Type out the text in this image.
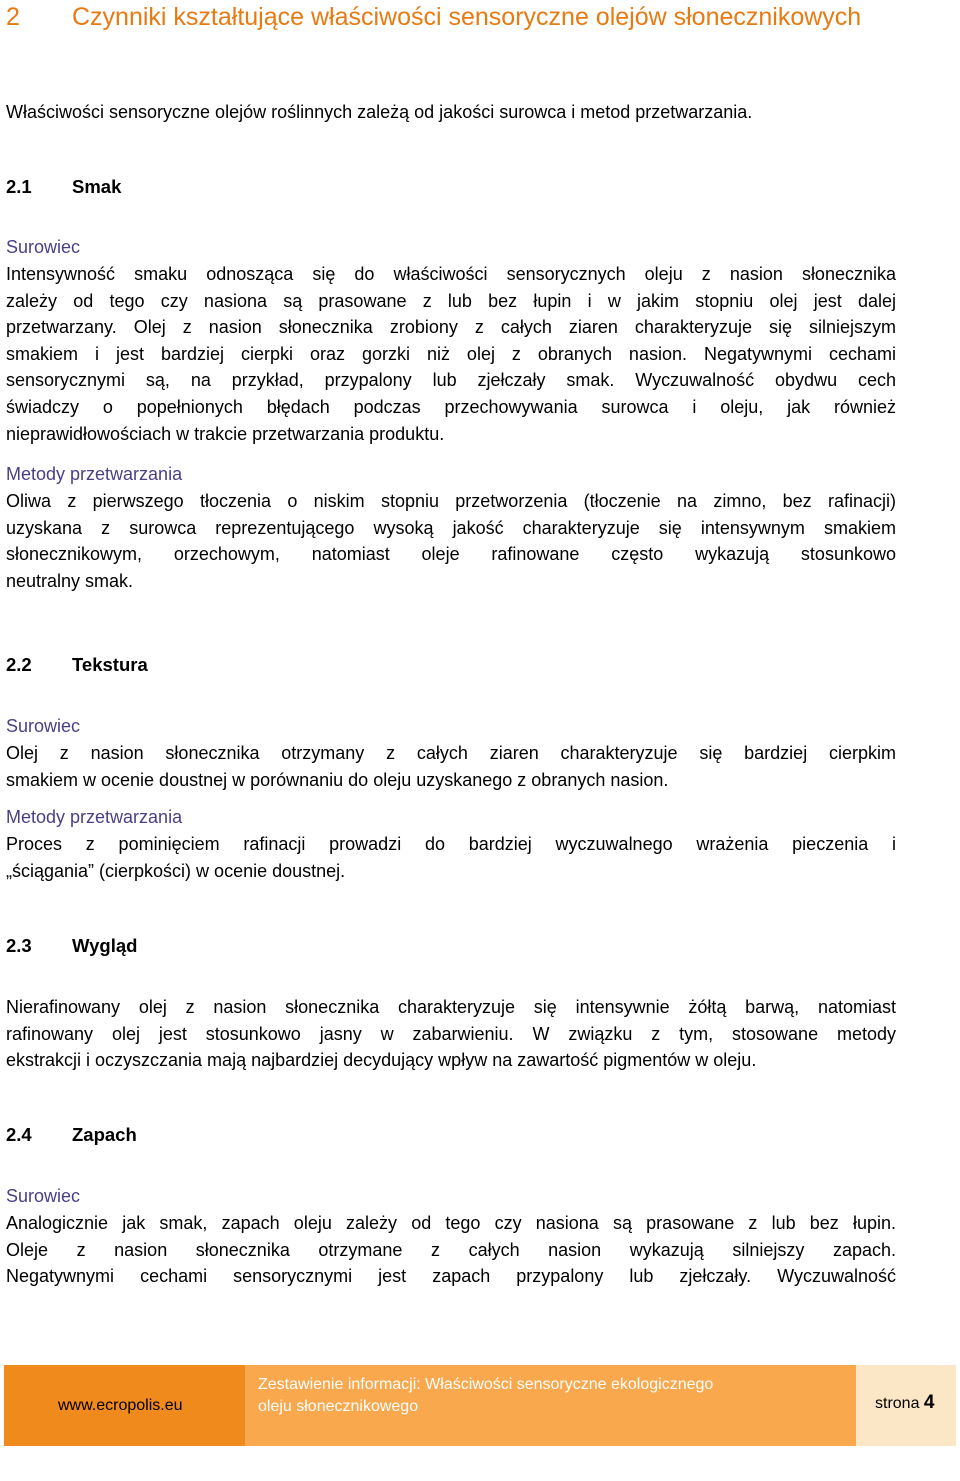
2 Czynniki kształtujące właściwości sensoryczne olejów słonecznikowych
Właściwości sensoryczne olejów roślinnych zależą od jakości surowca i metod przetwarzania.
2.1 Smak
Surowiec
Intensywność smaku odnosząca się do właściwości sensorycznych oleju z nasion słonecznika
zależy od tego czy nasiona są prasowane z lub bez łupin i w jakim stopniu olej jest dalej
przetwarzany. Olej z nasion słonecznika zrobiony z całych ziaren charakteryzuje się silniejszym
smakiem i jest bardziej cierpki oraz gorzki niż olej z obranych nasion. Negatywnymi cechami
sensorycznymi są, na przykład, przypalony lub zjełczały smak. Wyczuwalność obydwu cech
świadczy o popełnionych błędach podczas przechowywania surowca i oleju, jak również
nieprawidłowościach w trakcie przetwarzania produktu.
Metody przetwarzania
Oliwa z pierwszego tłoczenia o niskim stopniu przetworzenia (tłoczenie na zimno, bez rafinacji)
uzyskana z surowca reprezentującego wysoką jakość charakteryzuje się intensywnym smakiem
słonecznikowym, orzechowym, natomiast oleje rafinowane często wykazują stosunkowo
neutralny smak.
2.2 Tekstura
Surowiec
Olej z nasion słonecznika otrzymany z całych ziaren charakteryzuje się bardziej cierpkim
smakiem w ocenie doustnej w porównaniu do oleju uzyskanego z obranych nasion.
Metody przetwarzania
Proces z pominięciem rafinacji prowadzi do bardziej wyczuwalnego wrażenia pieczenia i
„ściągania” (cierpkości) w ocenie doustnej.
2.3 Wygląd
Nierafinowany olej z nasion słonecznika charakteryzuje się intensywnie żółtą barwą, natomiast
rafinowany olej jest stosunkowo jasny w zabarwieniu. W związku z tym, stosowane metody
ekstrakcji i oczyszczania mają najbardziej decydujący wpływ na zawartość pigmentów w oleju.
2.4 Zapach
Surowiec
Analogicznie jak smak, zapach oleju zależy od tego czy nasiona są prasowane z lub bez łupin.
Oleje z nasion słonecznika otrzymane z całych nasion wykazują silniejszy zapach.
Negatywnymi cechami sensorycznymi jest zapach przypalony lub zjełczały. Wyczuwalność
www.ecropolis.eu
Zestawienie informacji: Właściwości sensoryczne ekologicznego
oleju słonecznikowego	strona 4
